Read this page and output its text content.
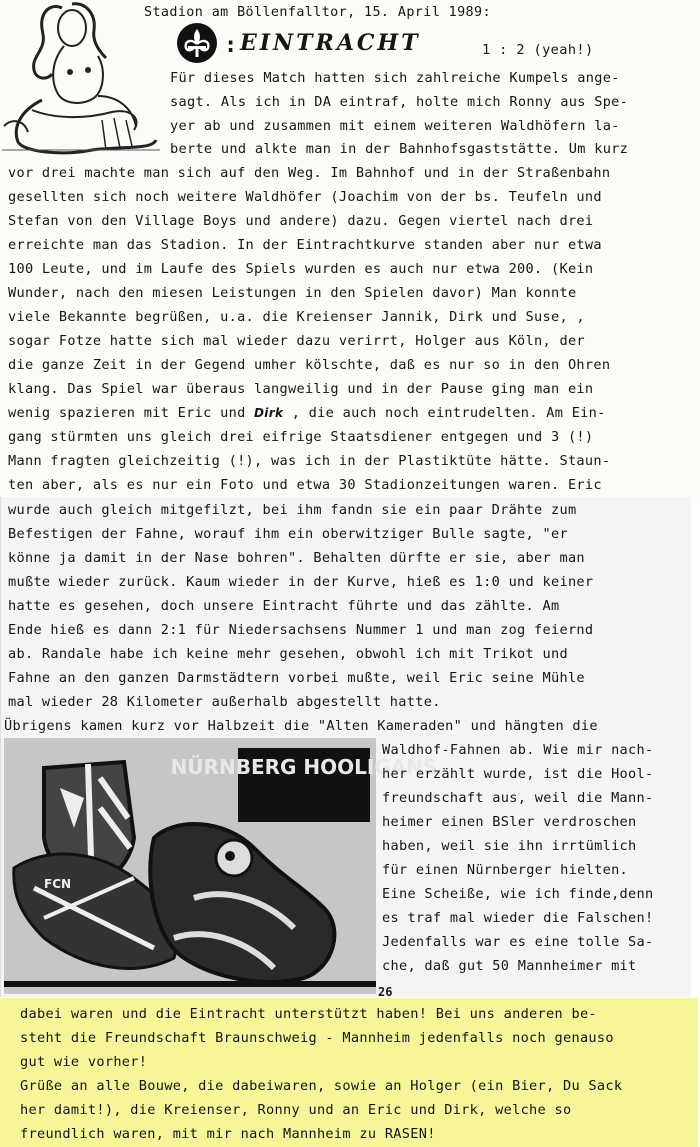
Stadion am Böllenfalltor, 15. April 1989:
: EINTRACHT	1 : 2 (yeah!)
Für dieses Match hatten sich zahlreiche Kumpels ange-
sagt. Als ich in DA eintraf, holte mich Ronny aus Spe-
yer ab und zusammen mit einem weiteren Waldhöfern la-
berte und alkte man in der Bahnhofsgaststätte. Um kurz
vor drei machte man sich auf den Weg. Im Bahnhof und in der Straßenbahn
gesellten sich noch weitere Waldhöfer (Joachim von der bs. Teufeln und
Stefan von den Village Boys und andere) dazu. Gegen viertel nach drei
erreichte man das Stadion. In der Eintrachtkurve standen aber nur etwa
100 Leute, und im Laufe des Spiels wurden es auch nur etwa 200. (Kein
Wunder, nach den miesen Leistungen in den Spielen davor) Man konnte
viele Bekannte begrüßen, u.a. die Kreienser Jannik, Dirk und Suse, ,
sogar Fotze hatte sich mal wieder dazu verirrt, Holger aus Köln, der
die ganze Zeit in der Gegend umher kölschte, daß es nur so in den Ohren
klang. Das Spiel war überaus langweilig und in der Pause ging man ein
wenig spazieren mit Eric und Dirk , die auch noch eintrudelten. Am Ein-
gang stürmten uns gleich drei eifrige Staatsdiener entgegen und 3 (!)
Mann fragten gleichzeitig (!), was ich in der Plastiktüte hätte. Staun-
ten aber, als es nur ein Foto und etwa 30 Stadionzeitungen waren. Eric
wurde auch gleich mitgefilzt, bei ihm fandn sie ein paar Drähte zum
Befestigen der Fahne, worauf ihm ein oberwitziger Bulle sagte, "er
könne ja damit in der Nase bohren". Behalten dürfte er sie, aber man
mußte wieder zurück. Kaum wieder in der Kurve, hieß es 1:0 und keiner
hatte es gesehen, doch unsere Eintracht führte und das zählte. Am
Ende hieß es dann 2:1 für Niedersachsens Nummer 1 und man zog feiernd
ab. Randale habe ich keine mehr gesehen, obwohl ich mit Trikot und
Fahne an den ganzen Darmstädtern vorbei mußte, weil Eric seine Mühle
mal wieder 28 Kilometer außerhalb abgestellt hatte.
Übrigens kamen kurz vor Halbzeit die "Alten Kameraden" und hängten die
NÜRNBERG HOOLIGANS
FCN
Waldhof-Fahnen ab. Wie mir nach-
her erzählt wurde, ist die Hool-
freundschaft aus, weil die Mann-
heimer einen BSler verdroschen
haben, weil sie ihn irrtümlich
für einen Nürnberger hielten.
Eine Scheiße, wie ich finde,denn
es traf mal wieder die Falschen!
Jedenfalls war es eine tolle Sa-
che, daß gut 50 Mannheimer mit
26
dabei waren und die Eintracht unterstützt haben! Bei uns anderen be-
steht die Freundschaft Braunschweig - Mannheim jedenfalls noch genauso
gut wie vorher!
Grüße an alle Bouwe, die dabeiwaren, sowie an Holger (ein Bier, Du Sack
her damit!), die Kreienser, Ronny und an Eric und Dirk, welche so
freundlich waren, mit mir nach Mannheim zu RASEN!
